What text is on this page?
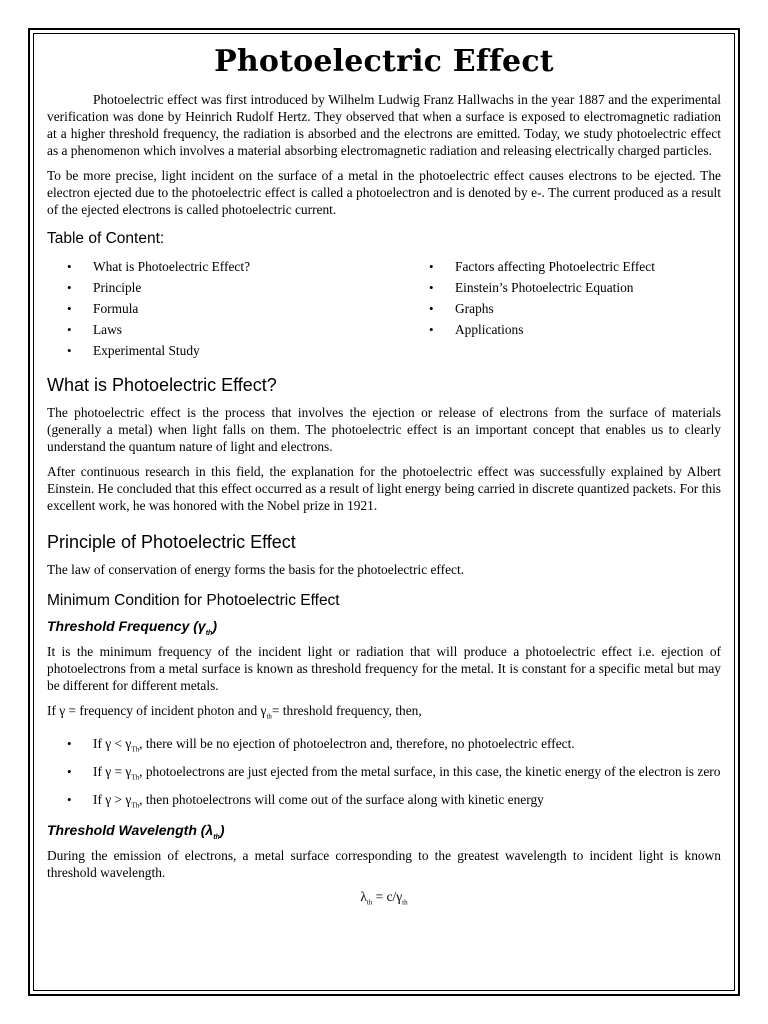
Photoelectric Effect

Photoelectric effect was first introduced by Wilhelm Ludwig Franz Hallwachs in the year 1887 and the experimental verification was done by Heinrich Rudolf Hertz. They observed that when a surface is exposed to electromagnetic radiation at a higher threshold frequency, the radiation is absorbed and the electrons are emitted. Today, we study photoelectric effect as a phenomenon which involves a material absorbing electromagnetic radiation and releasing electrically charged particles.

To be more precise, light incident on the surface of a metal in the photoelectric effect causes electrons to be ejected. The electron ejected due to the photoelectric effect is called a photoelectron and is denoted by e-. The current produced as a result of the ejected electrons is called photoelectric current.

Table of Content:
• What is Photoelectric Effect?
• Principle
• Formula
• Laws
• Experimental Study
• Factors affecting Photoelectric Effect
• Einstein’s Photoelectric Equation
• Graphs
• Applications
What is Photoelectric Effect?

The photoelectric effect is the process that involves the ejection or release of electrons from the surface of materials (generally a metal) when light falls on them. The photoelectric effect is an important concept that enables us to clearly understand the quantum nature of light and electrons.

After continuous research in this field, the explanation for the photoelectric effect was successfully explained by Albert Einstein. He concluded that this effect occurred as a result of light energy being carried in discrete quantized packets. For this excellent work, he was honored with the Nobel prize in 1921.

Principle of Photoelectric Effect

The law of conservation of energy forms the basis for the photoelectric effect.

Minimum Condition for Photoelectric Effect
Threshold Frequency $(\gamma_{th})$

It is the minimum frequency of the incident light or radiation that will produce a photoelectric effect i.e. ejection of photoelectrons from a metal surface is known as threshold frequency for the metal. It is constant for a specific metal but may be different for different metals.

If γ = frequency of incident photon and $\gamma_{th}=$ threshold frequency, then,

• If $\gamma < \gamma_{Th}$, there will be no ejection of photoelectron and, therefore, no photoelectric effect.
• If $\gamma = \gamma_{Th}$, photoelectrons are just ejected from the metal surface, in this case, the kinetic energy of the electron is zero
• If $\gamma > \gamma_{Th}$, then photoelectrons will come out of the surface along with kinetic energy
Threshold Wavelength $(\lambda_{th})$

During the emission of electrons, a metal surface corresponding to the greatest wavelength to incident light is known threshold wavelength.

$\lambda_{th} = c/\gamma_{th}$
